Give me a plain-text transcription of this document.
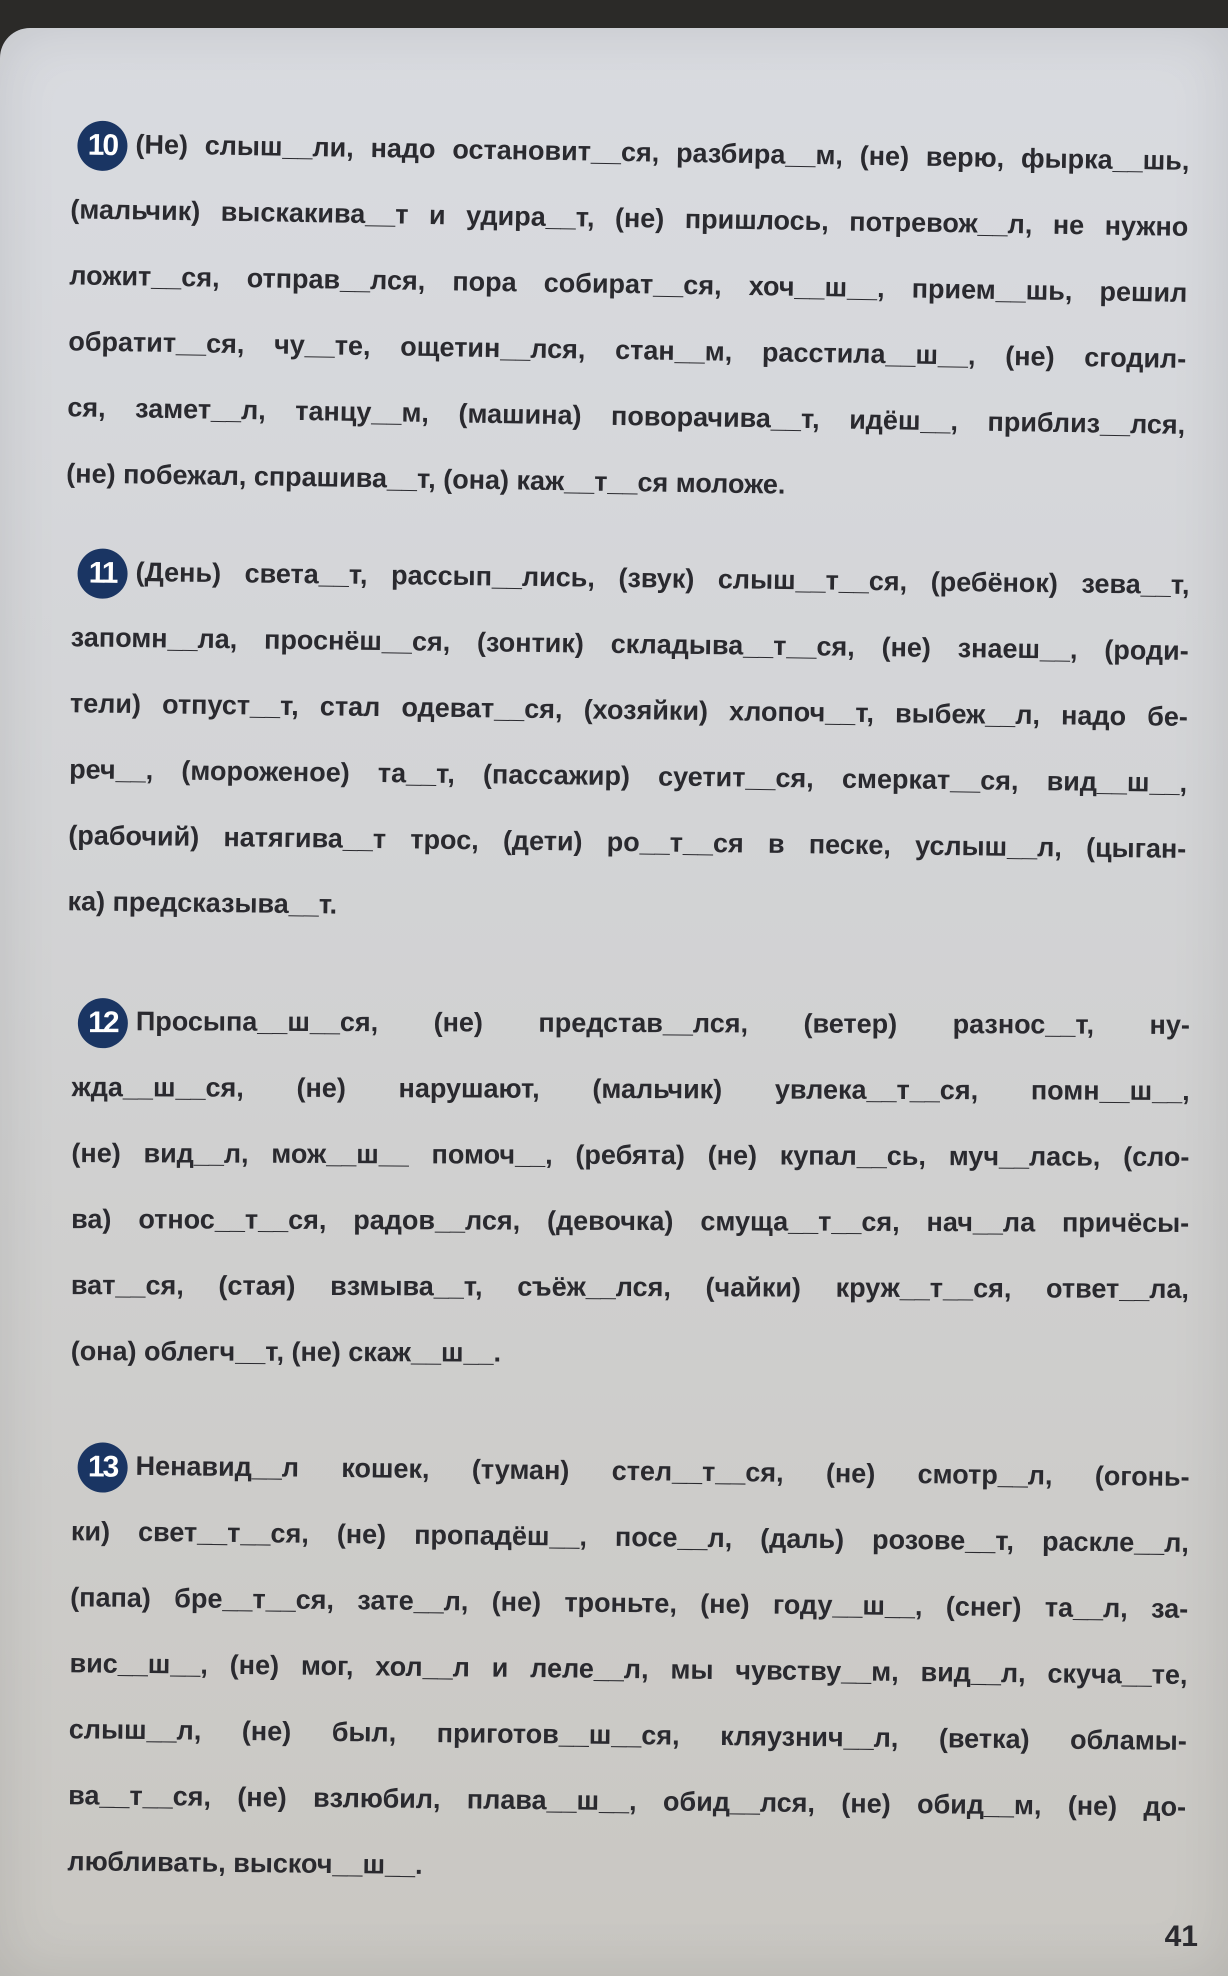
10 (Не) слыш__ли, надо остановит__ся, разбира__м, (не) верю, фырка__шь,
(мальчик) выскакива__т и удира__т, (не) пришлось, потревож__л, не нужно
ложит__ся, отправ__лся, пора собират__ся, хоч__ш__, прием__шь, решил
обратит__ся, чу__те, ощетин__лся, стан__м, расстила__ш__, (не) сгодил-
ся, замет__л, танцу__м, (машина) поворачива__т, идёш__, приблиз__лся,
(не) побежал, спрашива__т, (она) каж__т__ся моложе.
11 (День) света__т, рассып__лись, (звук) слыш__т__ся, (ребёнок) зева__т,
запомн__ла, проснёш__ся, (зонтик) складыва__т__ся, (не) знаеш__, (роди-
тели) отпуст__т, стал одеват__ся, (хозяйки) хлопоч__т, выбеж__л, надо бе-
реч__, (мороженое) та__т, (пассажир) суетит__ся, смеркат__ся, вид__ш__,
(рабочий) натягива__т трос, (дети) ро__т__ся в песке, услыш__л, (цыган-
ка) предсказыва__т.
12 Просыпа__ш__ся, (не) представ__лся, (ветер) разнос__т, ну-
жда__ш__ся, (не) нарушают, (мальчик) увлека__т__ся, помн__ш__,
(не) вид__л, мож__ш__ помоч__, (ребята) (не) купал__сь, муч__лась, (сло-
ва) относ__т__ся, радов__лся, (девочка) смуща__т__ся, нач__ла причёсы-
ват__ся, (стая) взмыва__т, съёж__лся, (чайки) круж__т__ся, ответ__ла,
(она) облегч__т, (не) скаж__ш__.
13 Ненавид__л кошек, (туман) стел__т__ся, (не) смотр__л, (огонь-
ки) свет__т__ся, (не) пропадёш__, посе__л, (даль) розове__т, раскле__л,
(папа) бре__т__ся, зате__л, (не) троньте, (не) году__ш__, (снег) та__л, за-
вис__ш__, (не) мог, хол__л и леле__л, мы чувству__м, вид__л, скуча__те,
слыш__л, (не) был, приготов__ш__ся, кляузнич__л, (ветка) обламы-
ва__т__ся, (не) взлюбил, плава__ш__, обид__лся, (не) обид__м, (не) до-
любливать, выскоч__ш__.
41
